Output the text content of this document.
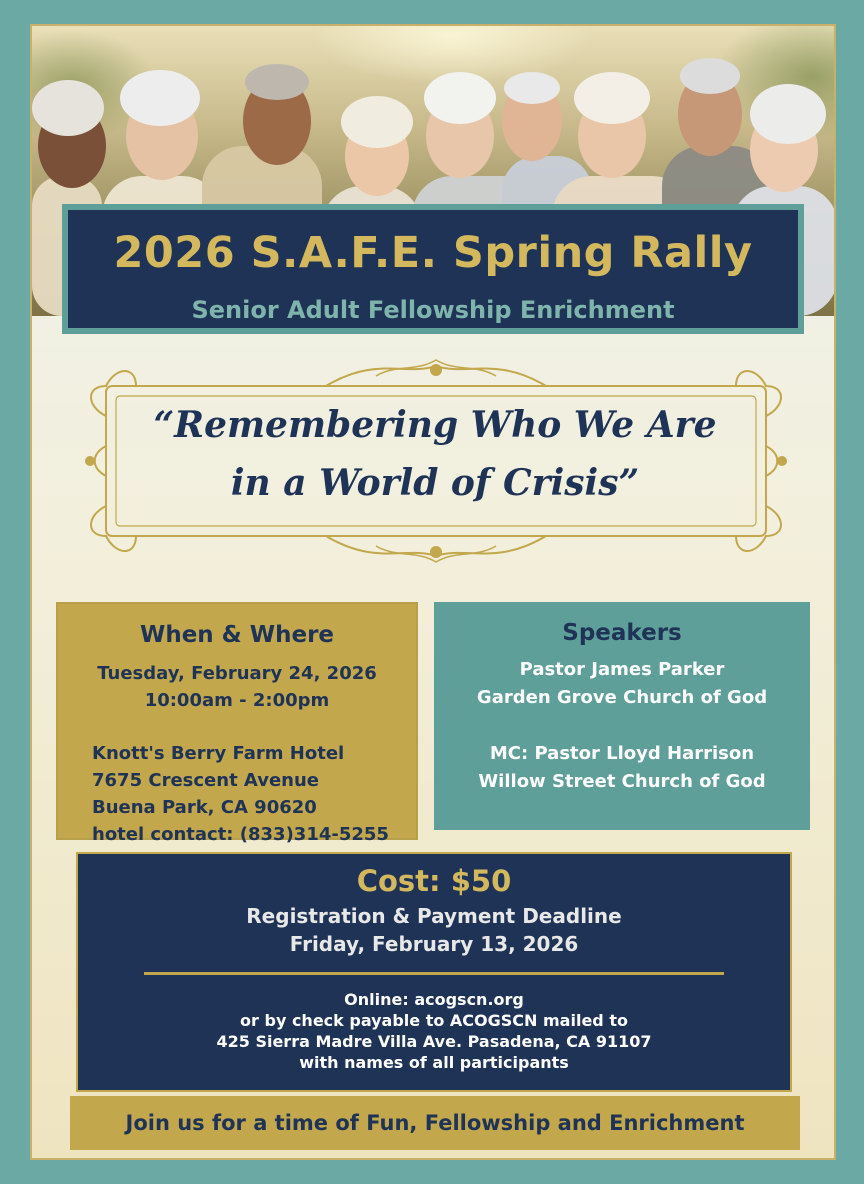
2026 S.A.F.E. Spring Rally
Senior Adult Fellowship Enrichment
“Remembering Who We Are
in a World of Crisis”
When & Where
Tuesday, February 24, 2026
10:00am - 2:00pm
Knott's Berry Farm Hotel
7675 Crescent Avenue
Buena Park, CA 90620
hotel contact: (833)314-5255
Speakers
Pastor James Parker
Garden Grove Church of God
MC: Pastor Lloyd Harrison
Willow Street Church of God
Cost: $50
Registration & Payment Deadline
Friday, February 13, 2026
Online: acogscn.org
or by check payable to ACOGSCN mailed to
425 Sierra Madre Villa Ave. Pasadena, CA 91107
with names of all participants
Join us for a time of Fun, Fellowship and Enrichment
